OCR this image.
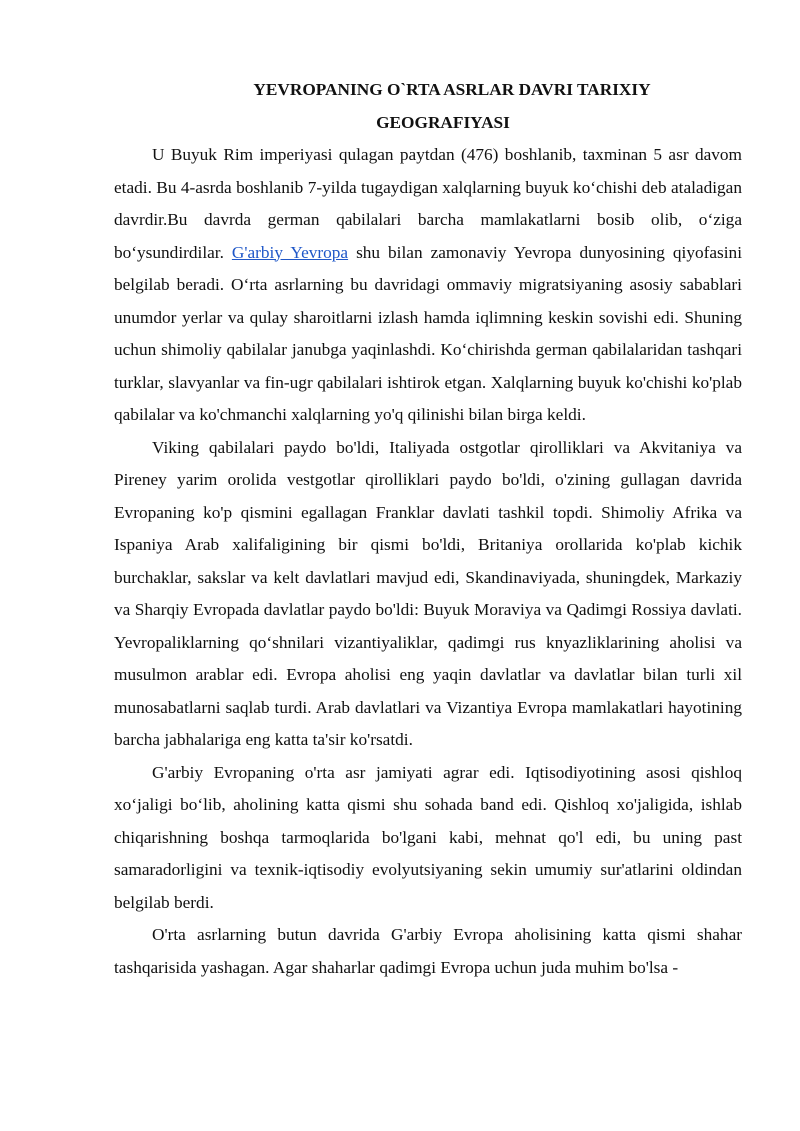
YEVROPANING O`RTA ASRLAR DAVRI TARIXIY
GEOGRAFIYASI

U Buyuk Rim imperiyasi qulagan paytdan (476) boshlanib, taxminan 5 asr davom etadi. Bu 4-asrda boshlanib 7-yilda tugaydigan xalqlarning buyuk koʻchishi deb ataladigan davrdir.Bu davrda german qabilalari barcha mamlakatlarni bosib olib, oʻziga boʻysundirdilar. G'arbiy Yevropa shu bilan zamonaviy Yevropa dunyosining qiyofasini belgilab beradi. Oʻrta asrlarning bu davridagi ommaviy migratsiyaning asosiy sabablari unumdor yerlar va qulay sharoitlarni izlash hamda iqlimning keskin sovishi edi. Shuning uchun shimoliy qabilalar janubga yaqinlashdi. Koʻchirishda german qabilalaridan tashqari turklar, slavyanlar va fin-ugr qabilalari ishtirok etgan. Xalqlarning buyuk ko'chishi ko'plab qabilalar va ko'chmanchi xalqlarning yo'q qilinishi bilan birga keldi.

Viking qabilalari paydo bo'ldi, Italiyada ostgotlar qirolliklari va Akvitaniya va Pireney yarim orolida vestgotlar qirolliklari paydo bo'ldi, o'zining gullagan davrida Evropaning ko'p qismini egallagan Franklar davlati tashkil topdi. Shimoliy Afrika va Ispaniya Arab xalifaligining bir qismi bo'ldi, Britaniya orollarida ko'plab kichik burchaklar, sakslar va kelt davlatlari mavjud edi, Skandinaviyada, shuningdek, Markaziy va Sharqiy Evropada davlatlar paydo bo'ldi: Buyuk Moraviya va Qadimgi Rossiya davlati. Yevropaliklarning qoʻshnilari vizantiyaliklar, qadimgi rus knyazliklarining aholisi va musulmon arablar edi. Evropa aholisi eng yaqin davlatlar va davlatlar bilan turli xil munosabatlarni saqlab turdi. Arab davlatlari va Vizantiya Evropa mamlakatlari hayotining barcha jabhalariga eng katta ta'sir ko'rsatdi.

G'arbiy Evropaning o'rta asr jamiyati agrar edi. Iqtisodiyotining asosi qishloq xoʻjaligi boʻlib, aholining katta qismi shu sohada band edi. Qishloq xo'jaligida, ishlab chiqarishning boshqa tarmoqlarida bo'lgani kabi, mehnat qo'l edi, bu uning past samaradorligini va texnik-iqtisodiy evolyutsiyaning sekin umumiy sur'atlarini oldindan belgilab berdi.

O'rta asrlarning butun davrida G'arbiy Evropa aholisining katta qismi shahar tashqarisida yashagan. Agar shaharlar qadimgi Evropa uchun juda muhim bo'lsa -
